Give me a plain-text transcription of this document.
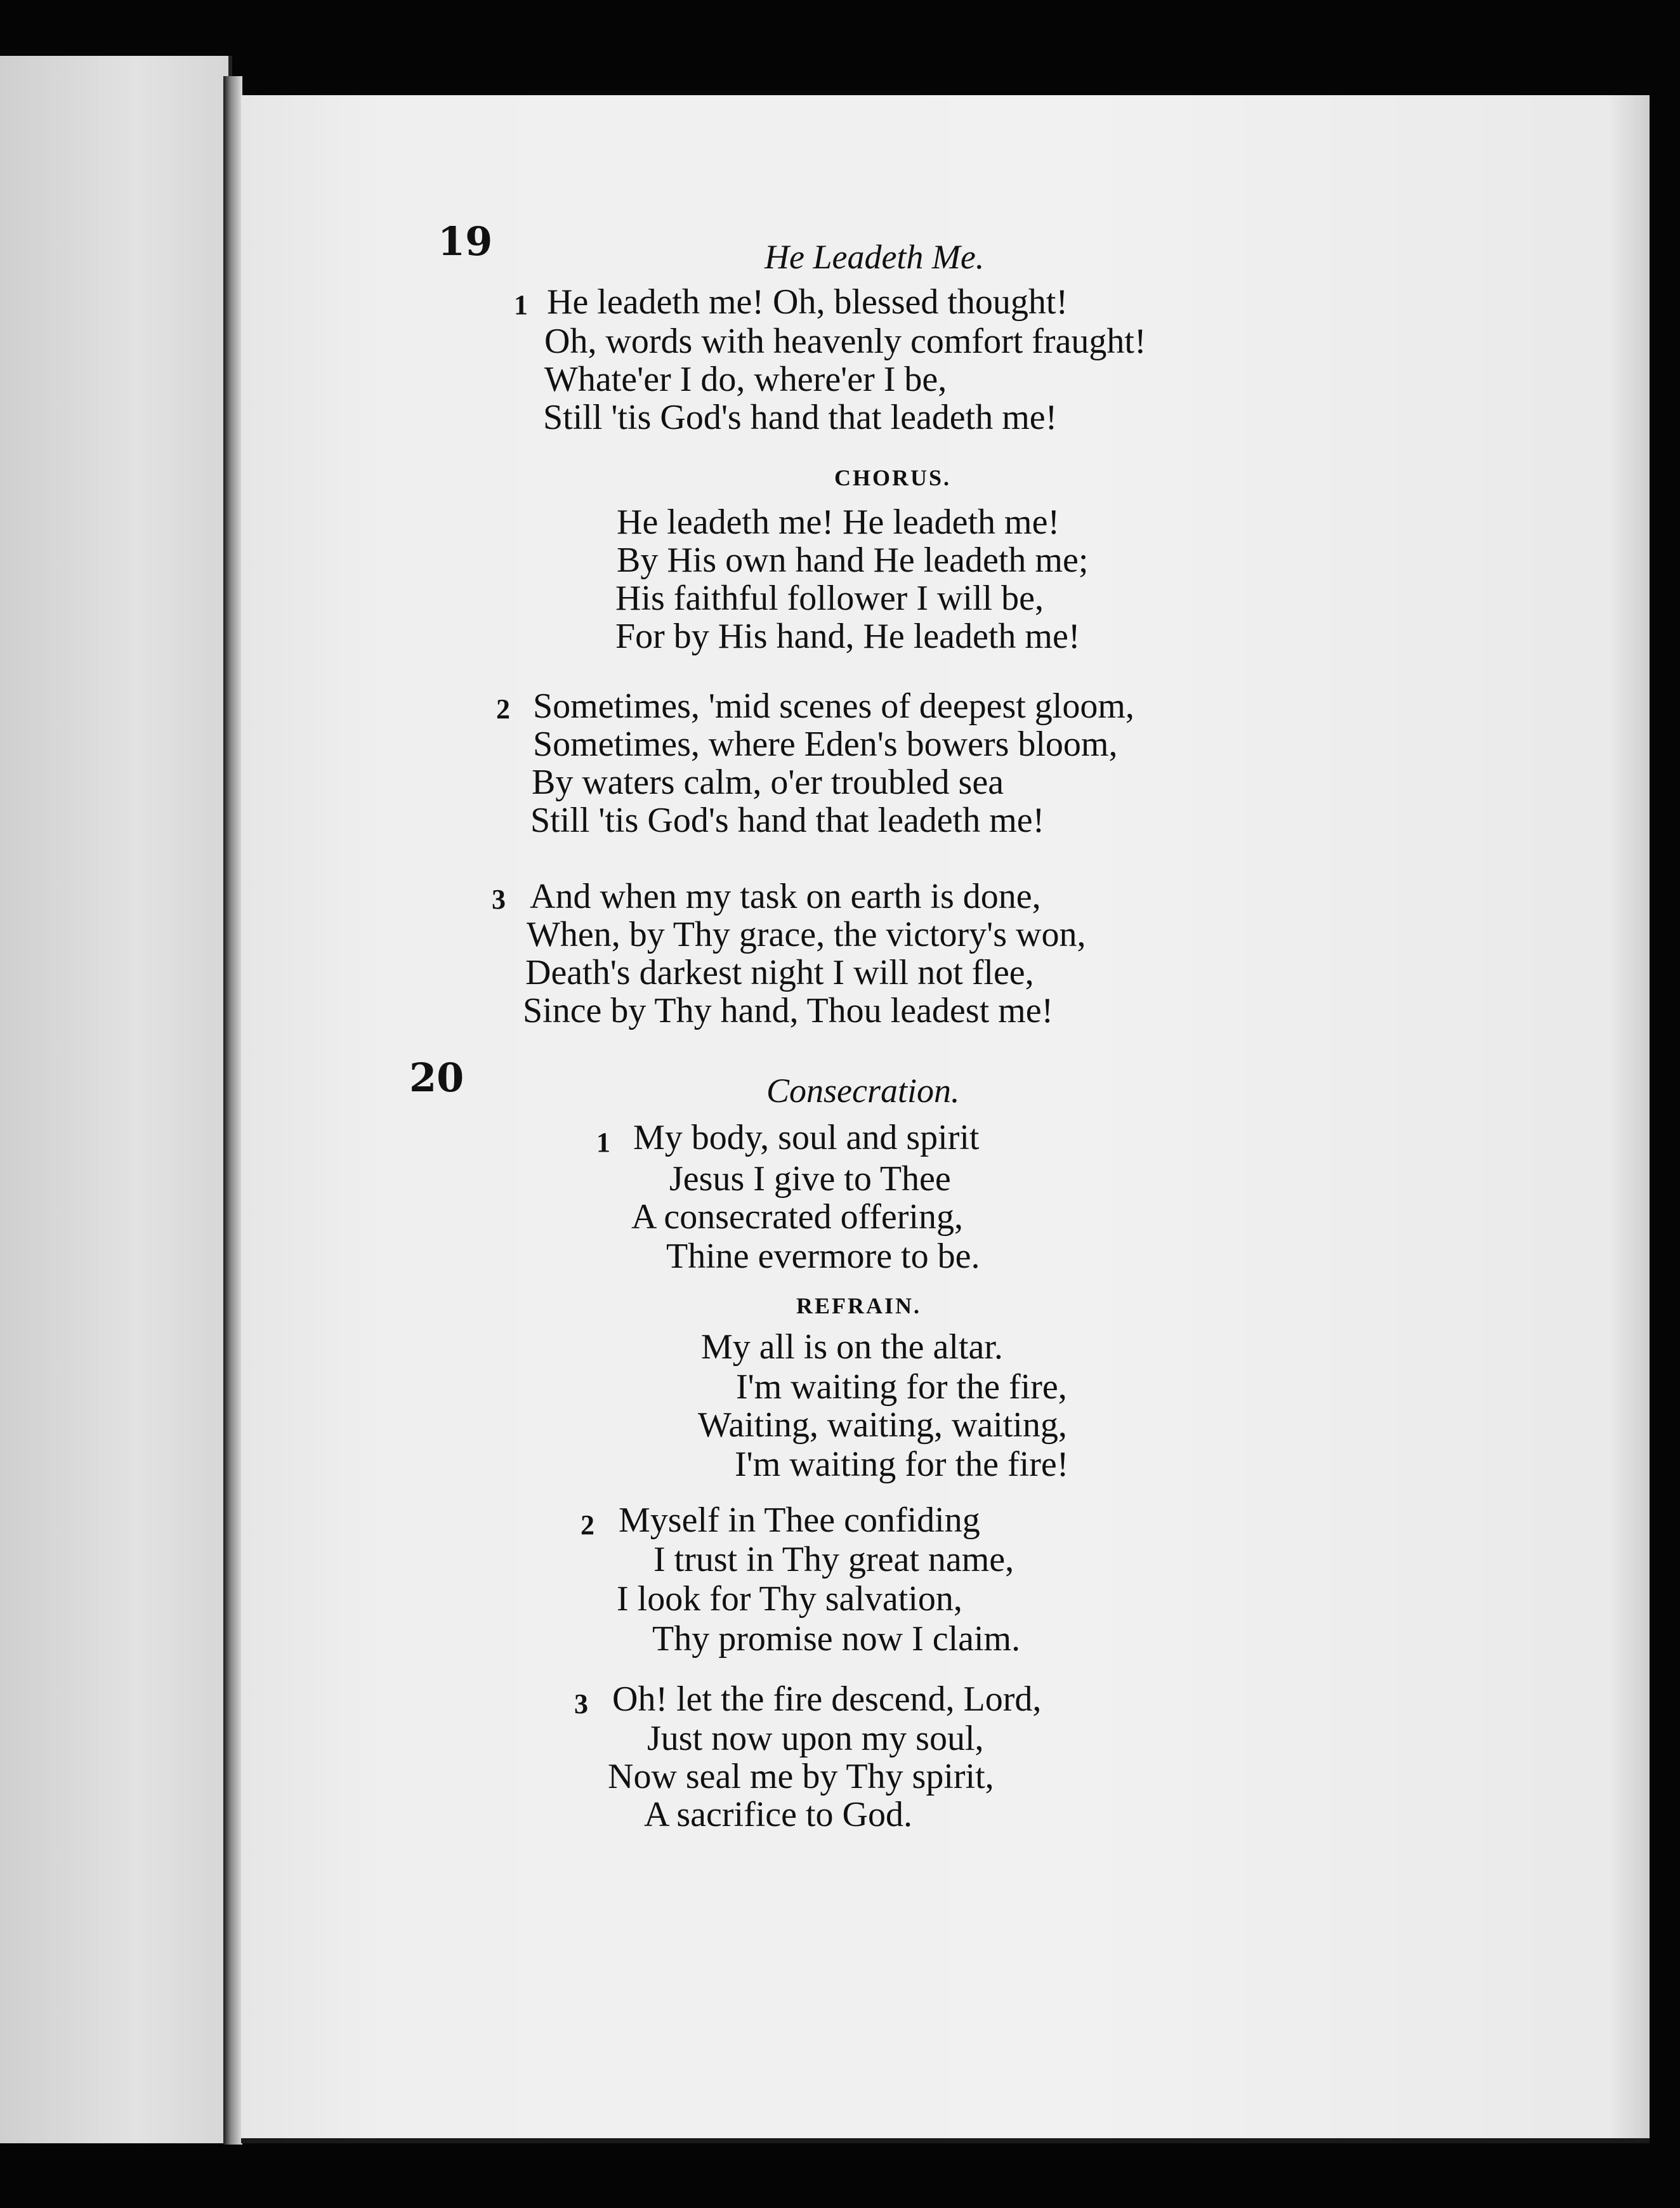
19	He Leadeth Me.
1 He leadeth me! Oh, blessed thought!
Oh, words with heavenly comfort fraught!
Whate'er I do, where'er I be,
Still 'tis God's hand that leadeth me!
CHORUS.
He leadeth me! He leadeth me!
By His own hand He leadeth me;
His faithful follower I will be,
For by His hand, He leadeth me!
2 Sometimes, 'mid scenes of deepest gloom,
Sometimes, where Eden's bowers bloom,
By waters calm, o'er troubled sea
Still 'tis God's hand that leadeth me!
3 And when my task on earth is done,
When, by Thy grace, the victory's won,
Death's darkest night I will not flee,
Since by Thy hand, Thou leadest me!
20	Consecration.
1 My body, soul and spirit
Jesus I give to Thee
A consecrated offering,
Thine evermore to be.
REFRAIN.
My all is on the altar.
I'm waiting for the fire,
Waiting, waiting, waiting,
I'm waiting for the fire!
2 Myself in Thee confiding
I trust in Thy great name,
I look for Thy salvation,
Thy promise now I claim.
3 Oh! let the fire descend, Lord,
Just now upon my soul,
Now seal me by Thy spirit,
A sacrifice to God.
